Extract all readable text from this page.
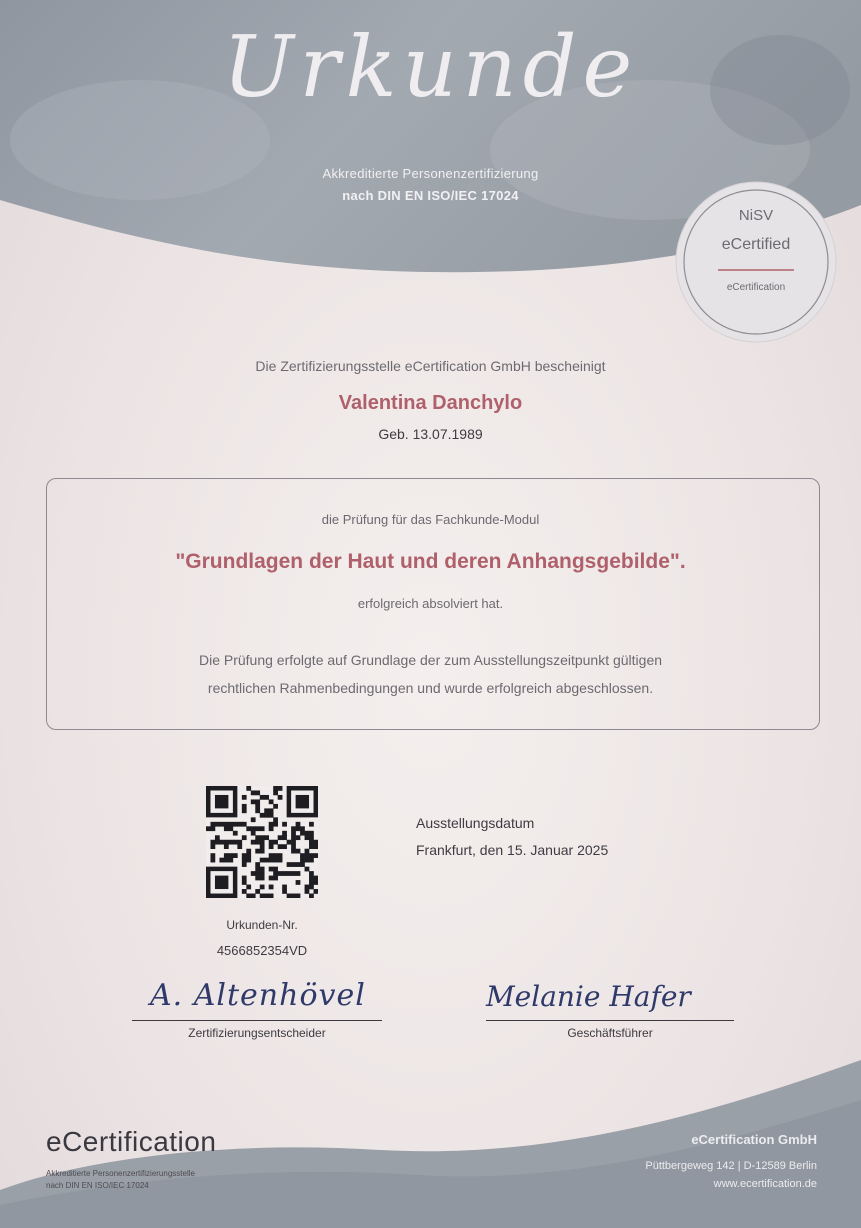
Urkunde
Akkreditierte Personenzertifizierung
nach DIN EN ISO/IEC 17024
NiSV
eCertified
eCertification
Die Zertifizierungsstelle eCertification GmbH bescheinigt
Valentina Danchylo
Geb. 13.07.1989
die Prüfung für das Fachkunde-Modul
"Grundlagen der Haut und deren Anhangsgebilde".
erfolgreich absolviert hat.
Die Prüfung erfolgte auf Grundlage der zum Ausstellungszeitpunkt gültigen
rechtlichen Rahmenbedingungen und wurde erfolgreich abgeschlossen.
Urkunden-Nr.
4566852354VD
Ausstellungsdatum
Frankfurt, den 15. Januar 2025
A. Altenhövel
Zertifizierungsentscheider
Melanie Hafer
Geschäftsführer
eCertification
Akkreditierte Personenzertifizierungsstelle
nach DIN EN ISO/IEC 17024
eCertification GmbH
Püttbergeweg 142 | D-12589 Berlin
www.ecertification.de
